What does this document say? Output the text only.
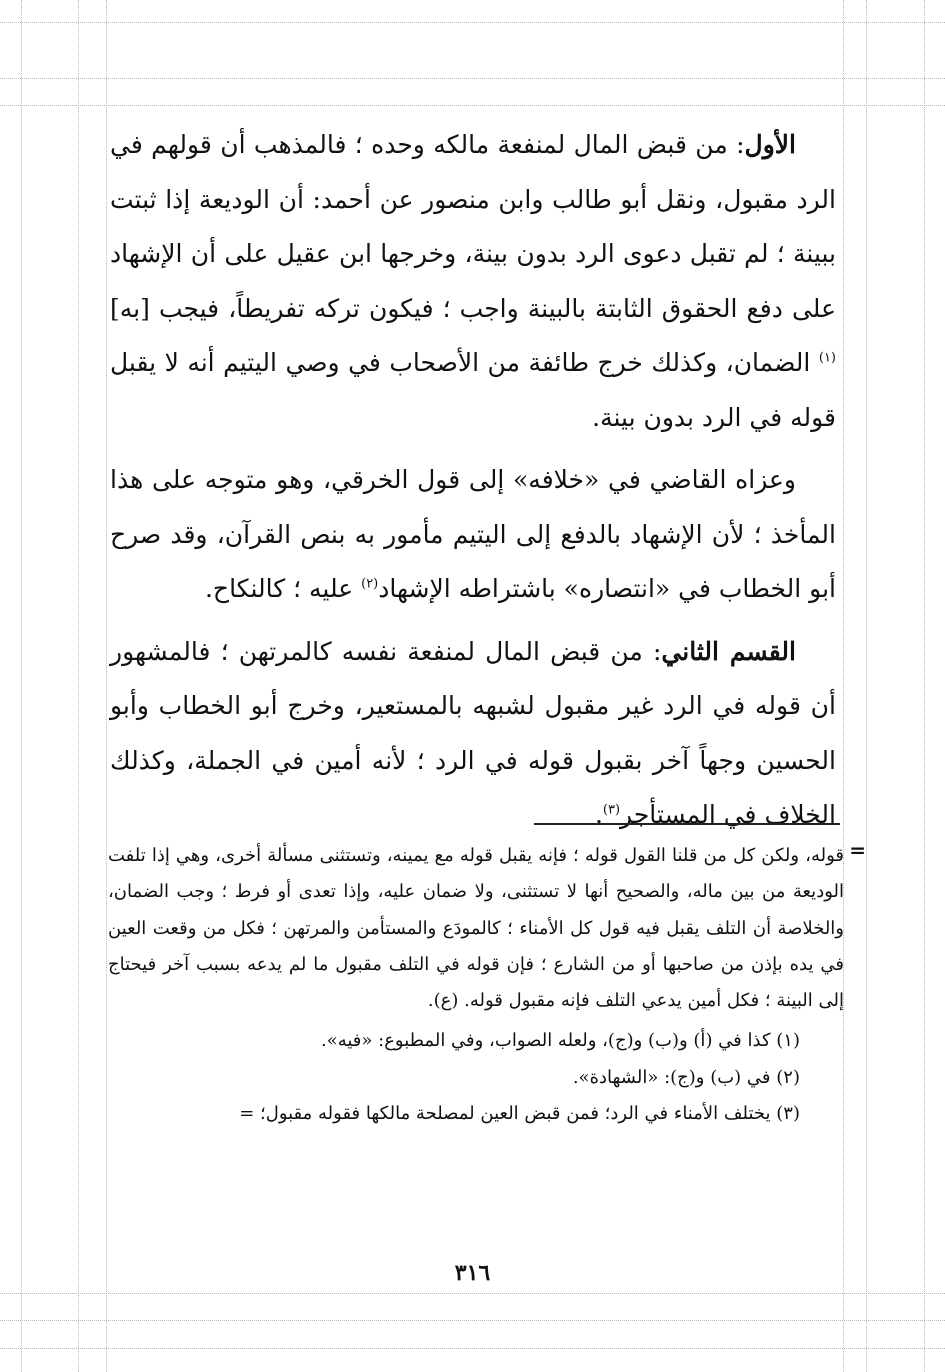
الأول: من قبض المال لمنفعة مالكه وحده ؛ فالمذهب أن قولهم في الرد مقبول، ونقل أبو طالب وابن منصور عن أحمد: أن الوديعة إذا ثبتت ببينة ؛ لم تقبل دعوى الرد بدون بينة، وخرجها ابن عقيل على أن الإشهاد على دفع الحقوق الثابتة بالبينة واجب ؛ فيكون تركه تفريطاً، فيجب [به]$^{(١)}$ الضمان، وكذلك خرج طائفة من الأصحاب في وصي اليتيم أنه لا يقبل قوله في الرد بدون بينة.

وعزاه القاضي في «خلافه» إلى قول الخرقي، وهو متوجه على هذا المأخذ ؛ لأن الإشهاد بالدفع إلى اليتيم مأمور به بنص القرآن، وقد صرح أبو الخطاب في «انتصاره» باشتراطه الإشهاد$^{(٢)}$ عليه ؛ كالنكاح.

القسم الثاني: من قبض المال لمنفعة نفسه كالمرتهن ؛ فالمشهور أن قوله في الرد غير مقبول لشبهه بالمستعير، وخرج أبو الخطاب وأبو الحسين وجهاً آخر بقبول قوله في الرد ؛ لأنه أمين في الجملة، وكذلك الخلاف في المستأجر$^{(٣)}$.

=

قوله، ولكن كل من قلنا القول قوله ؛ فإنه يقبل قوله مع يمينه، وتستثنى مسألة أخرى، وهي إذا تلفت الوديعة من بين ماله، والصحيح أنها لا تستثنى، ولا ضمان عليه، وإذا تعدى أو فرط ؛ وجب الضمان، والخلاصة أن التلف يقبل فيه قول كل الأمناء ؛ كالمودَع والمستأمن والمرتهن ؛ فكل من وقعت العين في يده بإذن من صاحبها أو من الشارع ؛ فإن قوله في التلف مقبول ما لم يدعه بسبب آخر فيحتاج إلى البينة ؛ فكل أمين يدعي التلف فإنه مقبول قوله. (ع).

(١) كذا في (أ) و(ب) و(ج)، ولعله الصواب، وفي المطبوع: «فيه».

(٢) في (ب) و(ج): «الشهادة».

(٣) يختلف الأمناء في الرد؛ فمن قبض العين لمصلحة مالكها فقوله مقبول؛ =

٣١٦
